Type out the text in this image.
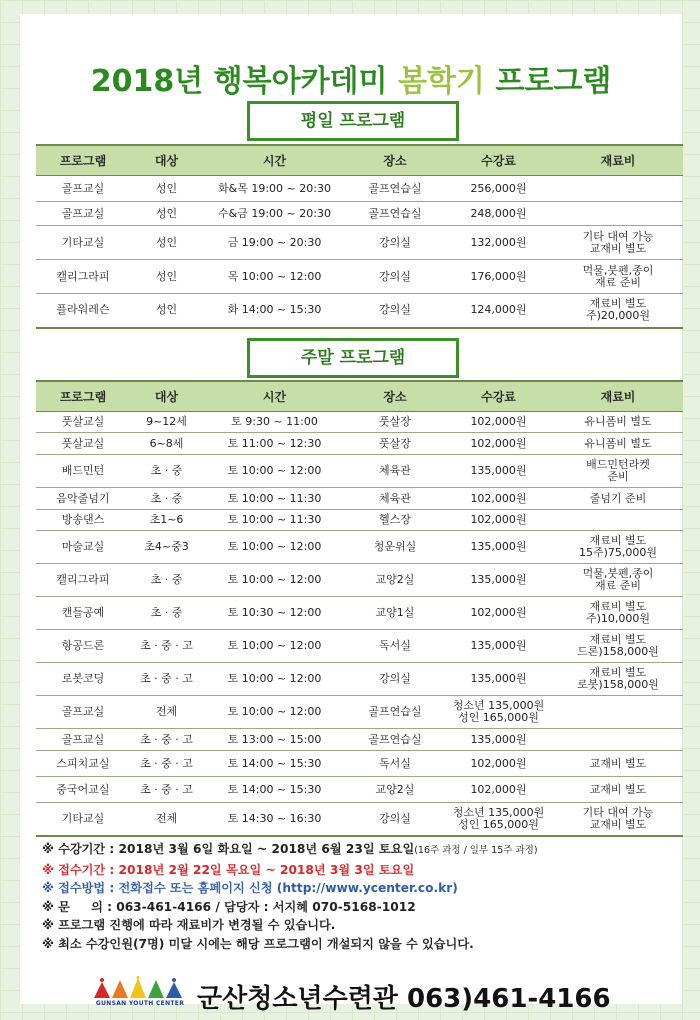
2018년 행복아카데미 봄학기 프로그램
평일 프로그램
프로그램	대상	시간	장소	수강료	재료비
골프교실	성인	화&목 19:00 ~ 20:30	골프연습실	256,000원	
골프교실	성인	수&금 19:00 ~ 20:30	골프연습실	248,000원	
기타교실	성인	금 19:00 ~ 20:30	강의실	132,000원	기타 대여 가능
교재비 별도
캘리그라피	성인	목 10:00 ~ 12:00	강의실	176,000원	먹물,붓펜,종이
재료 준비
플라워레슨	성인	화 14:00 ~ 15:30	강의실	124,000원	재료비 별도
주)20,000원
주말 프로그램
프로그램	대상	시간	장소	수강료	재료비
풋살교실	9~12세	토 9:30 ~ 11:00	풋살장	102,000원	유니폼비 별도
풋살교실	6~8세	토 11:00 ~ 12:30	풋살장	102,000원	유니폼비 별도
배드민턴	초 · 중	토 10:00 ~ 12:00	체육관	135,000원	배드민턴라켓
준비
음악줄넘기	초 · 중	토 10:00 ~ 11:30	체육관	102,000원	줄넘기 준비
방송댄스	초1~6	토 10:00 ~ 11:30	헬스장	102,000원	
마술교실	초4~중3	토 10:00 ~ 12:00	청운위실	135,000원	재료비 별도
15주)75,000원
캘리그라피	초 · 중	토 10:00 ~ 12:00	교양2실	135,000원	먹물,붓펜,종이
재료 준비
캔들공예	초 · 중	토 10:30 ~ 12:00	교양1실	102,000원	재료비 별도
주)10,000원
항공드론	초 · 중 · 고	토 10:00 ~ 12:00	독서실	135,000원	재료비 별도
드론)158,000원
로봇코딩	초 · 중 · 고	토 10:00 ~ 12:00	강의실	135,000원	재료비 별도
로봇)158,000원
골프교실	전체	토 10:00 ~ 12:00	골프연습실	청소년 135,000원
성인 165,000원	
골프교실	초 · 중 · 고	토 13:00 ~ 15:00	골프연습실	135,000원	
스피치교실	초 · 중 · 고	토 14:00 ~ 15:30	독서실	102,000원	교재비 별도
중국어교실	초 · 중 · 고	토 14:00 ~ 15:30	교양2실	102,000원	교재비 별도
기타교실	전체	토 14:30 ~ 16:30	강의실	청소년 135,000원
성인 165,000원	기타 대여 가능
교재비 별도
※ 수강기간 : 2018년 3월 6일 화요일 ~ 2018년 6월 23일 토요일(16주 과정 / 일부 15주 과정)
※ 접수기간 : 2018년 2월 22일 목요일 ~ 2018년 3월 3일 토요일
※ 접수방법 : 전화접수 또는 홈페이지 신청 (http://www.ycenter.co.kr)
※ 문     의 : 063-461-4166 / 담당자 : 서지혜 070-5168-1012
※ 프로그램 진행에 따라 재료비가 변경될 수 있습니다.
※ 최소 수강인원(7명) 미달 시에는 해당 프로그램이 개설되지 않을 수 있습니다.
GUNSAN YOUTH CENTER 군산청소년수련관 063)461-4166
